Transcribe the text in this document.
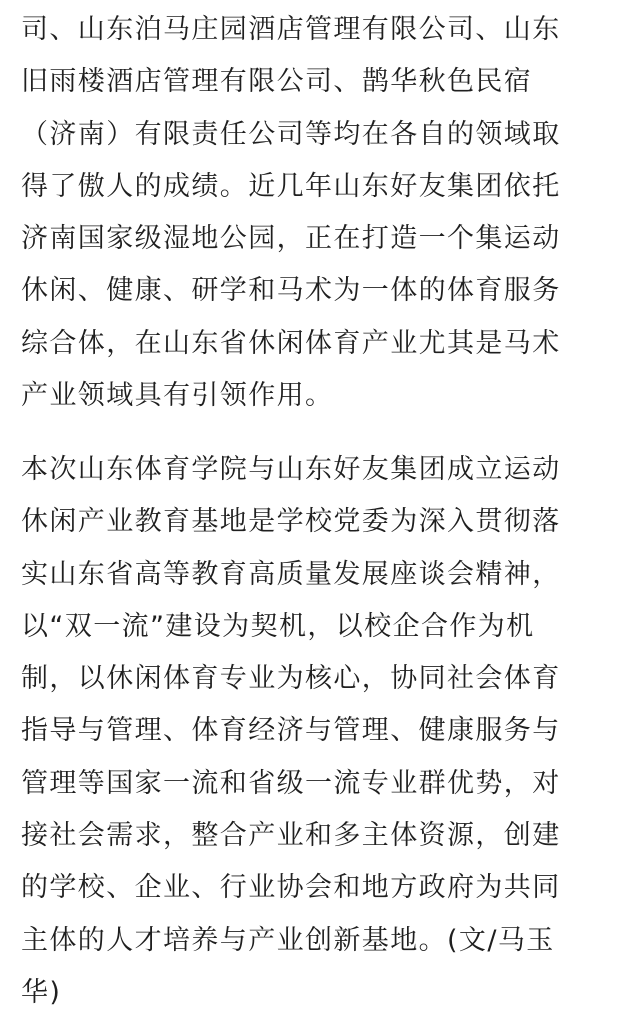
司、山东泊马庄园酒店管理有限公司、山东
旧雨楼酒店管理有限公司、鹊华秋色民宿
（济南）有限责任公司等均在各自的领域取
得了傲人的成绩。近几年山东好友集团依托
济南国家级湿地公园，正在打造一个集运动
休闲、健康、研学和马术为一体的体育服务
综合体，在山东省休闲体育产业尤其是马术
产业领域具有引领作用。
本次山东体育学院与山东好友集团成立运动
休闲产业教育基地是学校党委为深入贯彻落
实山东省高等教育高质量发展座谈会精神，
以“双一流”建设为契机，以校企合作为机
制，以休闲体育专业为核心，协同社会体育
指导与管理、体育经济与管理、健康服务与
管理等国家一流和省级一流专业群优势，对
接社会需求，整合产业和多主体资源，创建
的学校、企业、行业协会和地方政府为共同
主体的人才培养与产业创新基地。(文/马玉
华)
